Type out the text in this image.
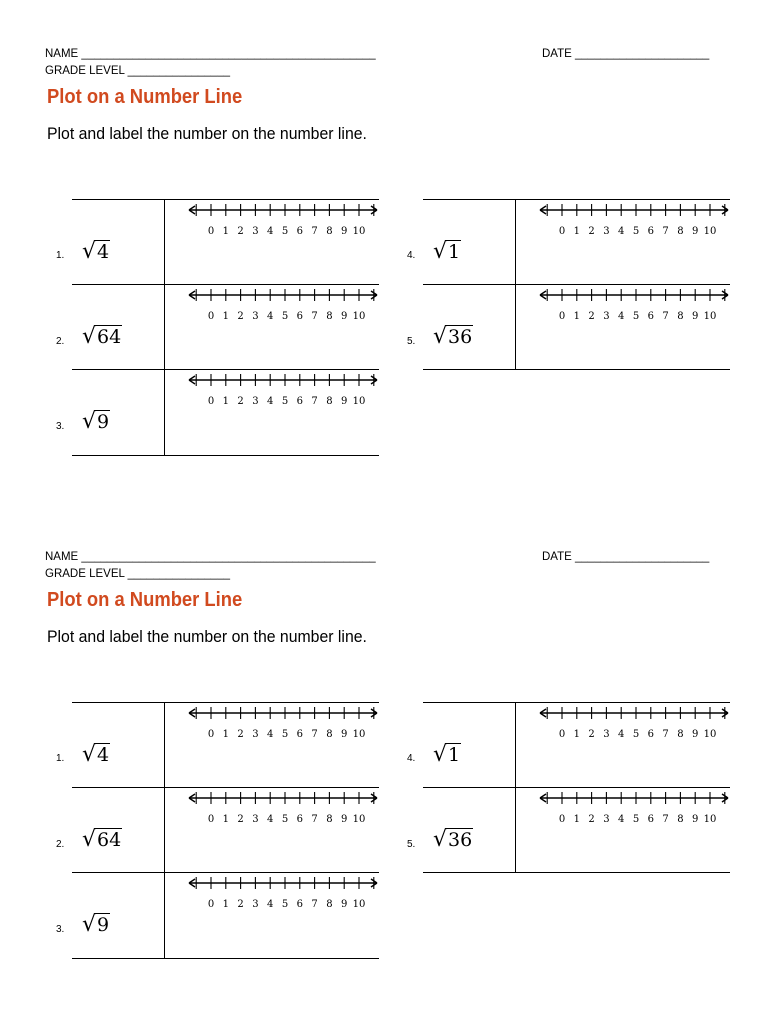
NAME ______________________________________________	DATE _____________________
GRADE LEVEL ________________
Plot on a Number Line
Plot and label the number on the number line.
1. √4
0 1 2 3 4 5 6 7 8 9 10
2. √64
0 1 2 3 4 5 6 7 8 9 10
3. √9
0 1 2 3 4 5 6 7 8 9 10
4. √1
0 1 2 3 4 5 6 7 8 9 10
5. √36
0 1 2 3 4 5 6 7 8 9 10
NAME ______________________________________________	DATE _____________________
GRADE LEVEL ________________
Plot on a Number Line
Plot and label the number on the number line.
1. √4
0 1 2 3 4 5 6 7 8 9 10
2. √64
0 1 2 3 4 5 6 7 8 9 10
3. √9
0 1 2 3 4 5 6 7 8 9 10
4. √1
0 1 2 3 4 5 6 7 8 9 10
5. √36
0 1 2 3 4 5 6 7 8 9 10
